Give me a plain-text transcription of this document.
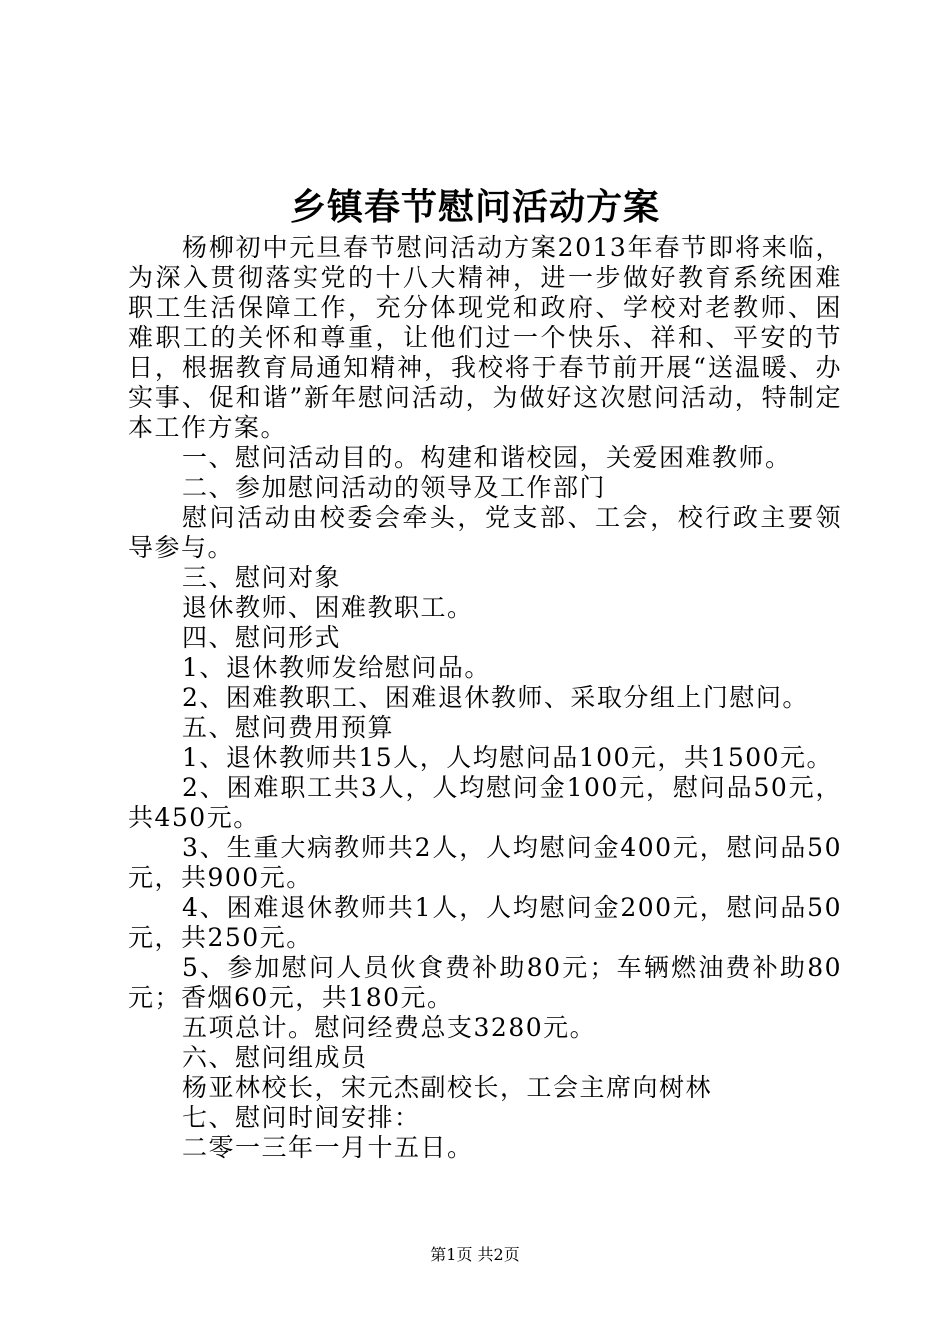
乡镇春节慰问活动方案

杨柳初中元旦春节慰问活动方案2013年春节即将来临，为深入贯彻落实党的十八大精神，进一步做好教育系统困难职工生活保障工作，充分体现党和政府、学校对老教师、困难职工的关怀和尊重，让他们过一个快乐、祥和、平安的节日，根据教育局通知精神，我校将于春节前开展“送温暖、办实事、促和谐”新年慰问活动，为做好这次慰问活动，特制定本工作方案。

一、慰问活动目的。构建和谐校园，关爱困难教师。

二、参加慰问活动的领导及工作部门

慰问活动由校委会牵头，党支部、工会，校行政主要领导参与。

三、慰问对象

退休教师、困难教职工。

四、慰问形式

1、退休教师发给慰问品。

2、困难教职工、困难退休教师、采取分组上门慰问。

五、慰问费用预算

1、退休教师共15人，人均慰问品100元，共1500元。

2、困难职工共3人，人均慰问金100元，慰问品50元，共450元。

3、生重大病教师共2人，人均慰问金400元，慰问品50元，共900元。

4、困难退休教师共1人，人均慰问金200元，慰问品50元，共250元。

5、参加慰问人员伙食费补助80元；车辆燃油费补助80元；香烟60元，共180元。

五项总计。慰问经费总支3280元。

六、慰问组成员

杨亚林校长，宋元杰副校长，工会主席向树林

七、慰问时间安排：

二零一三年一月十五日。

第1页 共2页
